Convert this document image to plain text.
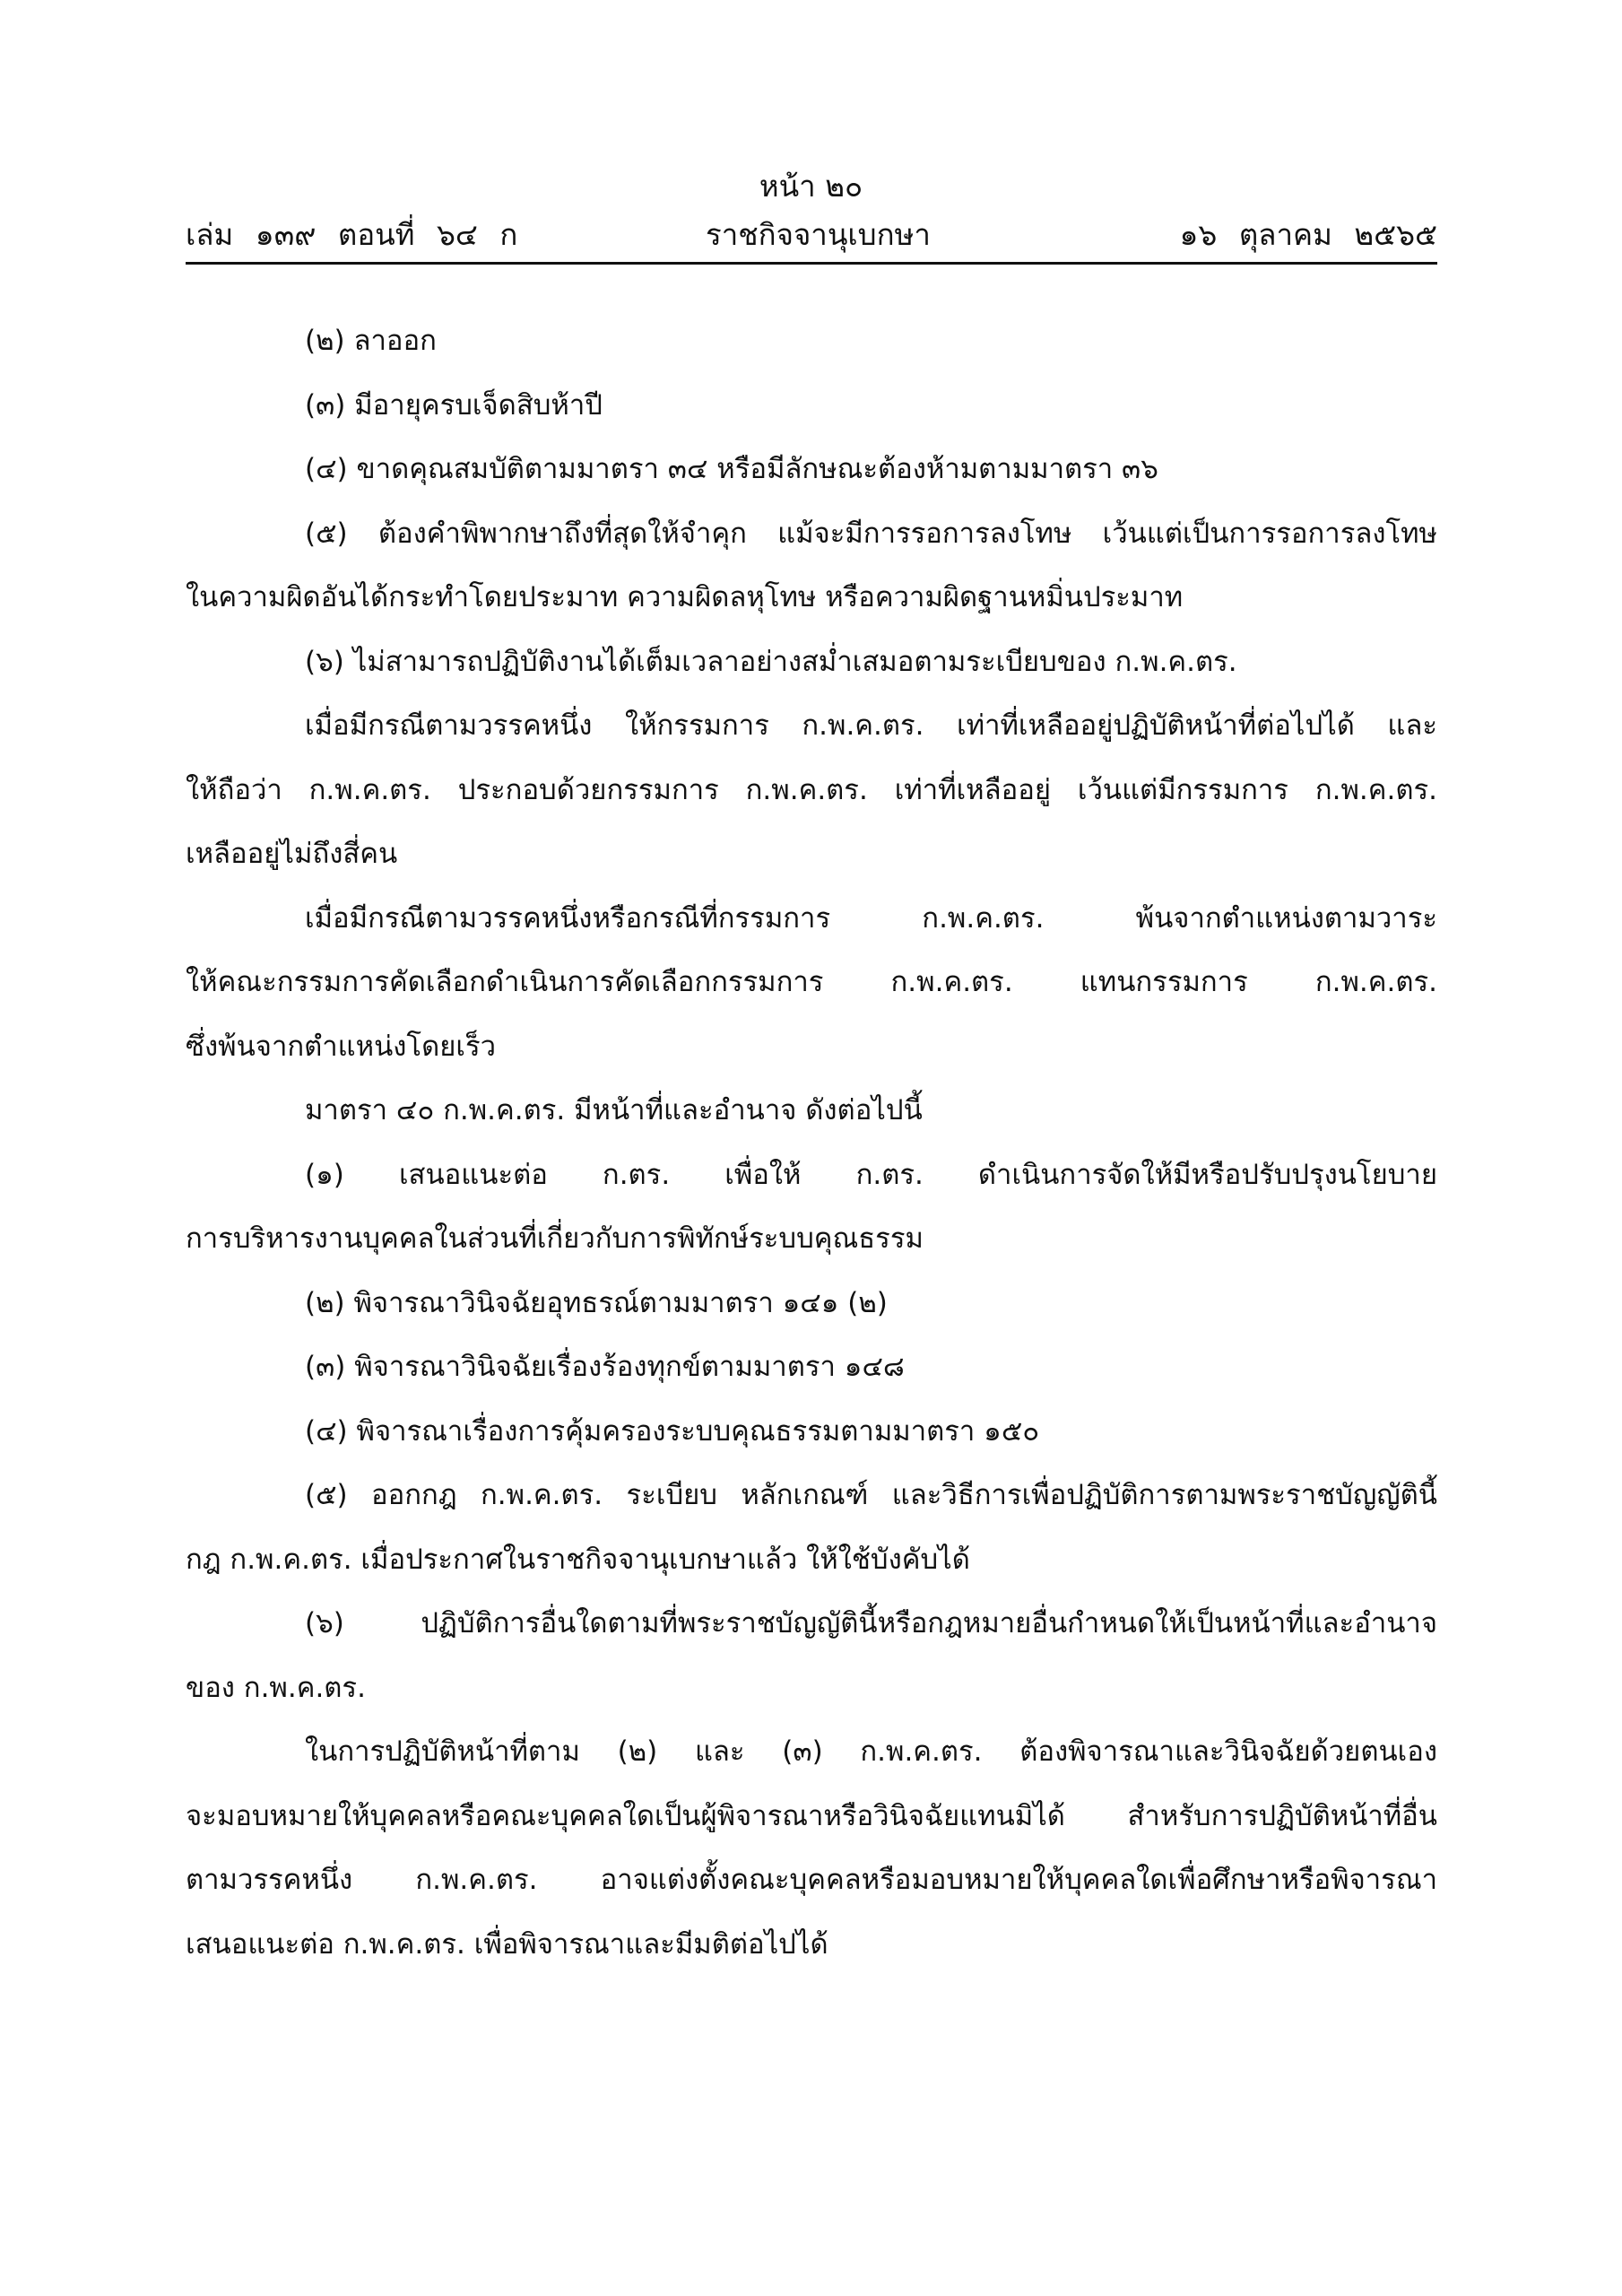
หน้า ๒๐
เล่ม ๑๓๙ ตอนที่ ๖๔ ก	ราชกิจจานุเบกษา	๑๖ ตุลาคม ๒๕๖๕
(๒) ลาออก
(๓) มีอายุครบเจ็ดสิบห้าปี
(๔) ขาดคุณสมบัติตามมาตรา ๓๔ หรือมีลักษณะต้องห้ามตามมาตรา ๓๖
(๕) ต้องคำพิพากษาถึงที่สุดให้จำคุก แม้จะมีการรอการลงโทษ เว้นแต่เป็นการรอการลงโทษ
ในความผิดอันได้กระทำโดยประมาท ความผิดลหุโทษ หรือความผิดฐานหมิ่นประมาท
(๖) ไม่สามารถปฏิบัติงานได้เต็มเวลาอย่างสม่ำเสมอตามระเบียบของ ก.พ.ค.ตร.
เมื่อมีกรณีตามวรรคหนึ่ง ให้กรรมการ ก.พ.ค.ตร. เท่าที่เหลืออยู่ปฏิบัติหน้าที่ต่อไปได้ และ
ให้ถือว่า ก.พ.ค.ตร. ประกอบด้วยกรรมการ ก.พ.ค.ตร. เท่าที่เหลืออยู่ เว้นแต่มีกรรมการ ก.พ.ค.ตร.
เหลืออยู่ไม่ถึงสี่คน
เมื่อมีกรณีตามวรรคหนึ่งหรือกรณีที่กรรมการ ก.พ.ค.ตร. พ้นจากตำแหน่งตามวาระ
ให้คณะกรรมการคัดเลือกดำเนินการคัดเลือกกรรมการ ก.พ.ค.ตร. แทนกรรมการ ก.พ.ค.ตร.
ซึ่งพ้นจากตำแหน่งโดยเร็ว
มาตรา ๔๐ ก.พ.ค.ตร. มีหน้าที่และอำนาจ ดังต่อไปนี้
(๑) เสนอแนะต่อ ก.ตร. เพื่อให้ ก.ตร. ดำเนินการจัดให้มีหรือปรับปรุงนโยบาย
การบริหารงานบุคคลในส่วนที่เกี่ยวกับการพิทักษ์ระบบคุณธรรม
(๒) พิจารณาวินิจฉัยอุทธรณ์ตามมาตรา ๑๔๑ (๒)
(๓) พิจารณาวินิจฉัยเรื่องร้องทุกข์ตามมาตรา ๑๔๘
(๔) พิจารณาเรื่องการคุ้มครองระบบคุณธรรมตามมาตรา ๑๕๐
(๕) ออกกฎ ก.พ.ค.ตร. ระเบียบ หลักเกณฑ์ และวิธีการเพื่อปฏิบัติการตามพระราชบัญญัตินี้
กฎ ก.พ.ค.ตร. เมื่อประกาศในราชกิจจานุเบกษาแล้ว ให้ใช้บังคับได้
(๖) ปฏิบัติการอื่นใดตามที่พระราชบัญญัตินี้หรือกฎหมายอื่นกำหนดให้เป็นหน้าที่และอำนาจ
ของ ก.พ.ค.ตร.
ในการปฏิบัติหน้าที่ตาม (๒) และ (๓) ก.พ.ค.ตร. ต้องพิจารณาและวินิจฉัยด้วยตนเอง
จะมอบหมายให้บุคคลหรือคณะบุคคลใดเป็นผู้พิจารณาหรือวินิจฉัยแทนมิได้ สำหรับการปฏิบัติหน้าที่อื่น
ตามวรรคหนึ่ง ก.พ.ค.ตร. อาจแต่งตั้งคณะบุคคลหรือมอบหมายให้บุคคลใดเพื่อศึกษาหรือพิจารณา
เสนอแนะต่อ ก.พ.ค.ตร. เพื่อพิจารณาและมีมติต่อไปได้
